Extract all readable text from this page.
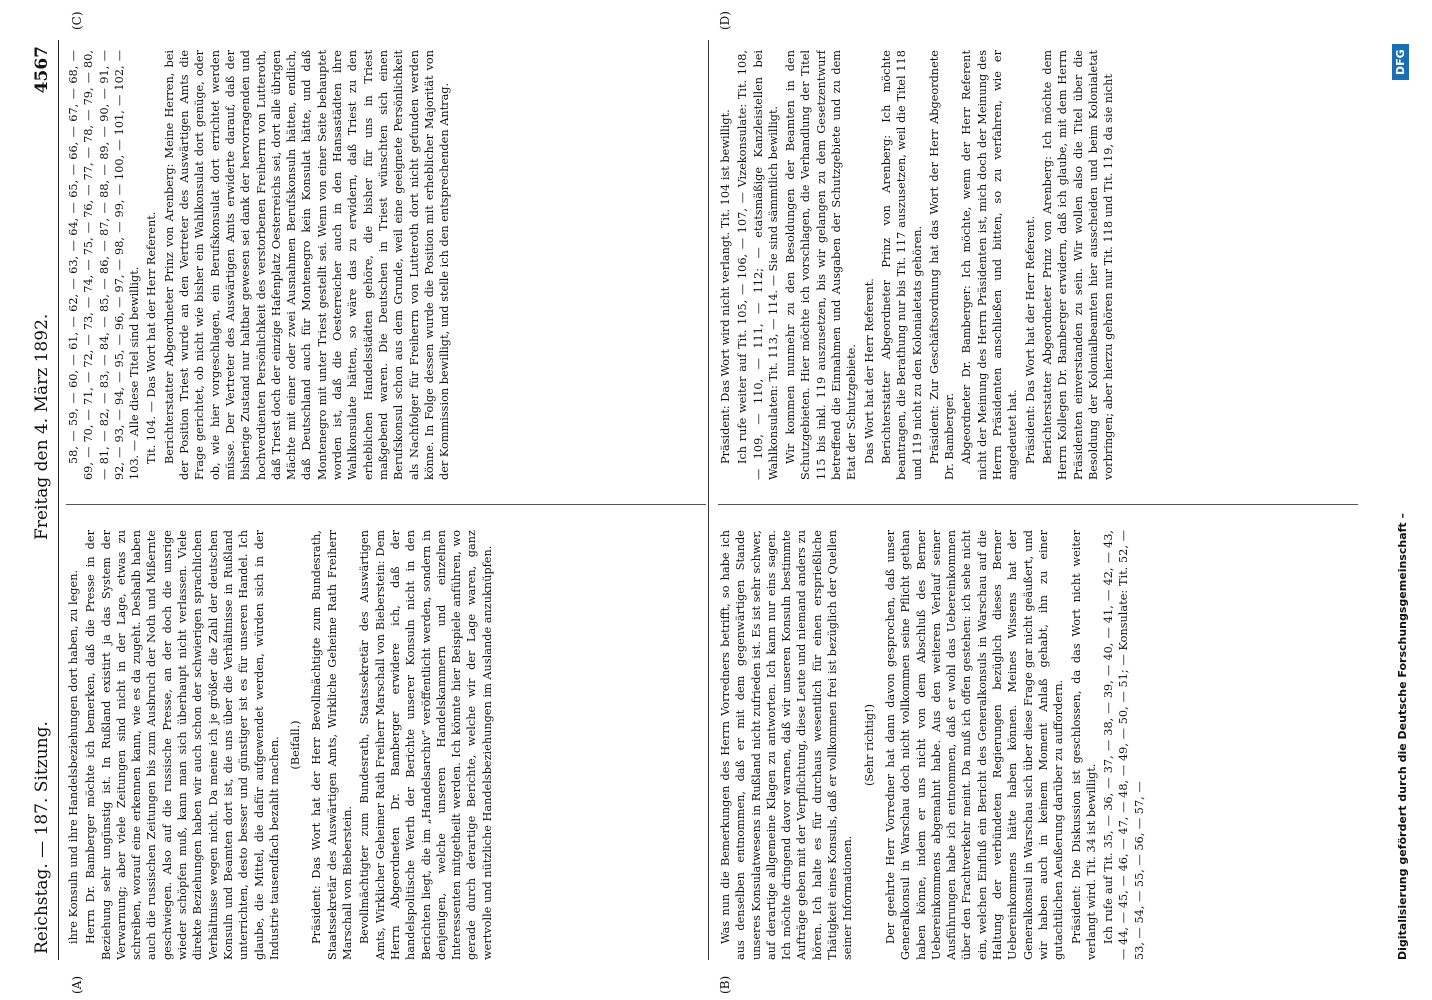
Reichstag. — 187. Sitzung.
Freitag den 4. März 1892.
4567

ihre Konsuln und ihre Handelsbeziehungen dort haben, zu legen. Herrn Dr. Bamberger möchte ich bemerken, daß die Presse in der Beziehung sehr ungünstig ist. In Rußland existirt ja das System der Verwarnung; aber viele Zeitungen sind nicht in der Lage, etwas zu schreiben, worauf eine erkennen kann, wie es da zugeht. Deshalb haben auch die russischen Zeitungen bis zum Ausbruch der Noth und Mißernte geschwiegen. Also auf die russische Presse, an der doch die unsrige wieder schöpfen muß, kann man sich überhaupt nicht verlassen. Viele direkte Beziehungen haben wir auch schon der schwierigen sprachlichen Verhältnisse wegen nicht. Da meine ich je größer die Zahl der deutschen Konsuln und Beamten dort ist, die uns über die Verhältnisse in Rußland unterrichten, desto besser und günstiger ist es für unseren Handel. Ich glaube, die Mittel, die dafür aufgewendet werden, würden sich in der Industrie tausendfach bezahlt machen. (Beifall.) Präsident: Das Wort hat der Herr Bevollmächtigte zum Bundesrath, Staatssekretär des Auswärtigen Amts, Wirkliche Geheime Rath Freiherr Marschall von Bieberstein. Bevollmächtigter zum Bundesrath, Staatssekretär des Auswärtigen Amts, Wirklicher Geheimer Rath Freiherr Marschall von Bieberstein: Dem Herrn Abgeordneten Dr. Bamberger erwidere ich, daß der handelspolitische Werth der Berichte unserer Konsuln nicht in den Berichten liegt, die im „Handelsarchiv“ veröffentlicht werden, sondern in denjenigen, welche unseren Handelskammern und einzelnen Interessenten mitgetheilt werden. Ich könnte hier Beispiele anführen, wo gerade durch derartige Berichte, welche wir der Lage waren, ganz wertvolle und nützliche Handelsbeziehungen im Auslande anzuknüpfen.

58, — 59, — 60, — 61, — 62, — 63, — 64, — 65, — 66, — 67, — 68, — 69, — 70, — 71, — 72, — 73, — 74, — 75, — 76, — 77, — 78, — 79, — 80, — 81, — 82, — 83, — 84, — 85, — 86, — 87, — 88, — 89, — 90, — 91, — 92, — 93, — 94, — 95, — 96, — 97, — 98, — 99, — 100, — 101, — 102, — 103. — Alle diese Titel sind bewilligt. Tit. 104. — Das Wort hat der Herr Referent. Berichterstatter Abgeordneter Prinz von Arenberg: Meine Herren, bei der Position Triest wurde an den Vertreter des Auswärtigen Amts die Frage gerichtet, ob nicht wie bisher ein Wahlkonsulat dort genüge, oder ob, wie hier vorgeschlagen, ein Berufskonsulat dort errichtet werden müsse. Der Vertreter des Auswärtigen Amts erwiderte darauf, daß der bisherige Zustand nur haltbar gewesen sei dank der hervorragenden und hochverdienten Persönlichkeit des verstorbenen Freiherrn von Lutteroth, daß Triest doch der einzige Hafenplatz Oesterreichs sei, dort alle übrigen Mächte mit einer oder zwei Ausnahmen Berufskonsuln hätten, endlich, daß Deutschland auch für Montenegro kein Konsulat hätte, und daß Montenegro mit unter Triest gestellt sei. Wenn von einer Seite behauptet worden ist, daß die Oesterreicher auch in den Hansastädten ihre Wahlkonsulate hätten, so wäre das zu erwidern, daß Triest zu den erheblichen Handelsstädten gehöre, die bisher für uns in Triest maßgebend waren. Die Deutschen in Triest wünschten sich einen Berufskonsul schon aus dem Grunde, weil eine geeignete Persönlichkeit als Nachfolger für Freiherrn von Lutteroth dort nicht gefunden werden könne. In Folge dessen wurde die Position mit erheblicher Majorität von der Kommission bewilligt, und stelle ich den entsprechenden Antrag.

(A)
(C)

Was nun die Bemerkungen des Herrn Vorredners betrifft, so habe ich aus denselben entnommen, daß er mit dem gegenwärtigen Stande unseres Konsulatwesens in Rußland nicht zufrieden ist. Es ist sehr schwer, auf derartige allgemeine Klagen zu antworten. Ich kann nur eins sagen. Ich möchte dringend davor warnen, daß wir unseren Konsuln bestimmte Aufträge geben mit der Verpflichtung, diese Leute und niemand anders zu hören. Ich halte es für durchaus wesentlich für einen ersprießliche Thätigkeit eines Konsuls, daß er vollkommen frei ist bezüglich der Quellen seiner Informationen.

(Sehr richtig!) Der geehrte Herr Vorredner hat dann davon gesprochen, daß unser Generalkonsul in Warschau doch nicht vollkommen seine Pflicht gethan haben könne, indem er uns nicht von dem Abschluß des Berner Uebereinkommens abgemahnt habe. Aus den weiteren Verlauf seiner Ausführungen habe ich entnommen, daß er wohl das Uebereinkommen über den Frachtverkehr meint. Da muß ich offen gestehen: ich sehe nicht ein, welchen Einfluß ein Bericht des Generalkonsuls in Warschau auf die Haltung der verbündeten Regierungen bezüglich dieses Berner Uebereinkommens hätte haben können. Meines Wissens hat der Generalkonsul in Warschau sich über diese Frage gar nicht geäußert, und wir haben auch in keinem Moment Anlaß gehabt, ihn zu einer gutachtlichen Aeußerung darüber zu auffordern. Präsident: Die Diskussion ist geschlossen, da das Wort nicht weiter verlangt wird. Tit. 34 ist bewilligt. Ich rufe auf Tit. 35, — 36, — 37, — 38, — 39, — 40, — 41, — 42, — 43, — 44, — 45, — 46, — 47, — 48, — 49, — 50, — 51; — Konsulate: Tit. 52, — 53, — 54, — 55, — 56, — 57, —

Präsident: Das Wort wird nicht verlangt. Tit. 104 ist bewilligt. Ich rufe weiter auf Tit. 105, — 106, — 107, — Vizekonsulate: Tit. 108, — 109, — 110, — 111, — 112; — etatsmäßige Kanzleistellen bei Wahlkonsulaten: Tit. 113, — 114. — Sie sind sämmtlich bewilligt. Wir kommen nunmehr zu den Besoldungen der Beamten in den Schutzgebieten. Hier möchte ich vorschlagen, die Verhandlung der Titel 115 bis inkl. 119 auszusetzen, bis wir gelangen zu dem Gesetzentwurf betreffend die Einnahmen und Ausgaben der Schutzgebiete und zu dem Etat der Schutzgebiete. Das Wort hat der Herr Referent. Berichterstatter Abgeordneter Prinz von Arenberg: Ich möchte beantragen, die Berathung nur bis Tit. 117 auszusetzen, weil die Titel 118 und 119 nicht zu den Kolonialetats gehören. Präsident: Zur Geschäftsordnung hat das Wort der Herr Abgeordnete Dr. Bamberger. Abgeordneter Dr. Bamberger: Ich möchte, wenn der Herr Referent nicht der Meinung des Herrn Präsidenten ist, mich doch der Meinung des Herrn Präsidenten anschließen und bitten, so zu verfahren, wie er angedeutet hat. Präsident: Das Wort hat der Herr Referent. Berichterstatter Abgeordneter Prinz von Arenberg: Ich möchte dem Herrn Kollegen Dr. Bamberger erwidern, daß ich glaube, mit dem Herrn Präsidenten einverstanden zu sein. Wir wollen also die Titel über die Besoldung der Kolonialbeamten hier ausscheiden und beim Kolonialetat vorbringen; aber hierzu gehören nur Tit. 118 und Tit. 119, da sie nicht

(B)
(D)
Digitalisierung gefördert durch die Deutsche Forschungsgemeinschaft –
DFG
